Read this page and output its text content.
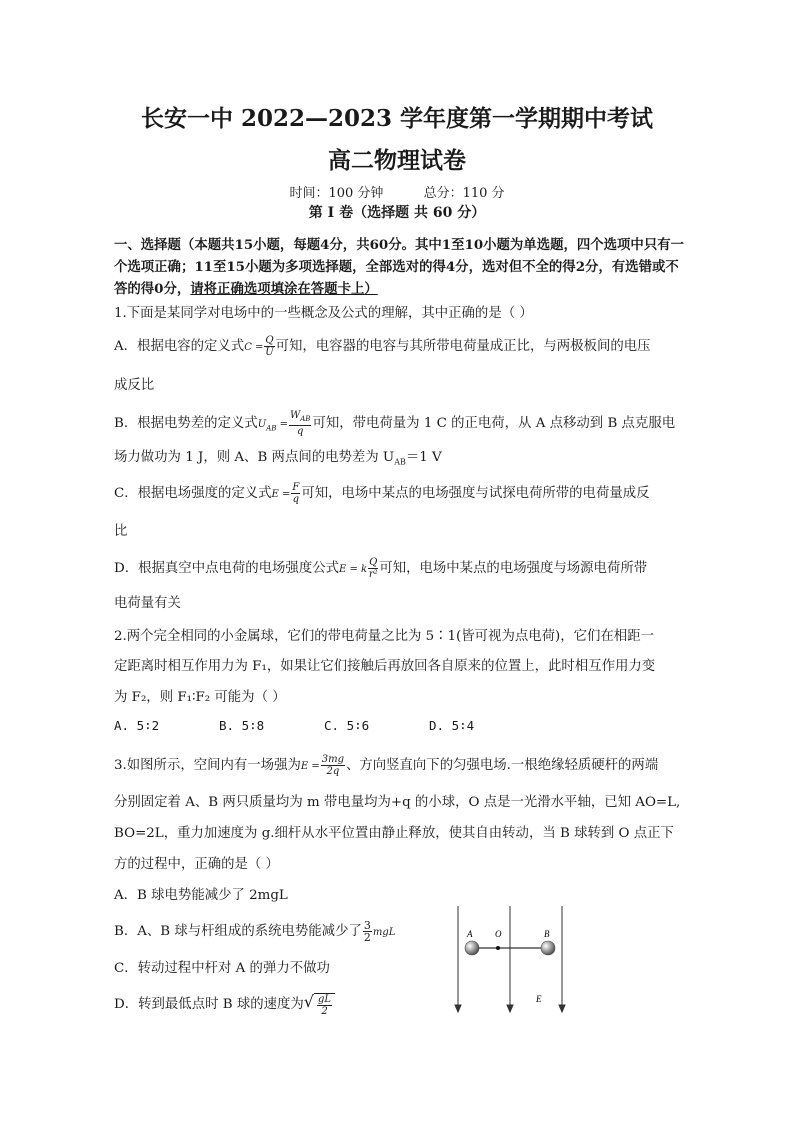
长安一中 2022—2023 学年度第一学期期中考试
高二物理试卷
时间：100 分钟	总分：110 分
第 I 卷（选择题 共 60 分）
一、选择题（本题共15小题，每题4分，共60分。其中1至10小题为单选题，四个选项中只有一个选项正确；11至15小题为多项选择题，全部选对的得4分，选对但不全的得2分，有选错或不答的得0分，请将正确选项填涂在答题卡上）
1.下面是某同学对电场中的一些概念及公式的理解，其中正确的是（ ）
A．根据电容的定义式$C = \frac{Q}{U}$ 可知，电容器的电容与其所带电荷量成正比，与两极板间的电压
成反比
B．根据电势差的定义式$U_{AB} = \frac{W_{AB}}{q}$ 可知，带电荷量为 1 C 的正电荷，从 A 点移动到 B 点克服电
场力做功为 1 J，则 A、B 两点间的电势差为 $U_{AB}=1$ V
C．根据电场强度的定义式$E = \frac{F}{q}$ 可知，电场中某点的电场强度与试探电荷所带的电荷量成反
比
D．根据真空中点电荷的电场强度公式E = k $\frac{Q}{\text{r²}}$ 可知，电场中某点的电场强度与场源电荷所带
电荷量有关
2.两个完全相同的小金属球，它们的带电荷量之比为 5∶1(皆可视为点电荷)，它们在相距一
定距离时相互作用力为 F₁，如果让它们接触后再放回各自原来的位置上，此时相互作用力变
为 F₂，则 F₁∶F₂ 可能为（ ）
A. 5∶2	B. 5∶8	C. 5∶6	D. 5∶4
3.如图所示，空间内有一场强为$E = \frac{3mg}{2q}$ 、方向竖直向下的匀强电场.一根绝缘轻质硬杆的两端
分别固定着 A、B 两只质量均为 m 带电量均为+q 的小球，O 点是一光滑水平轴，已知 AO=L,
BO=2L，重力加速度为 g.细杆从水平位置由静止释放，使其自由转动，当 B 球转到 O 点正下
方的过程中，正确的是（ ）
A．B 球电势能减少了 2mgL
B．A、B 球与杆组成的系统电势能减少了 $\frac{3}{2}$ mgL
C．转动过程中杆对 A 的弹力不做功
D．转到最低点时 B 球的速度为√ $\frac{gL}{2}$
A	O	B
E
